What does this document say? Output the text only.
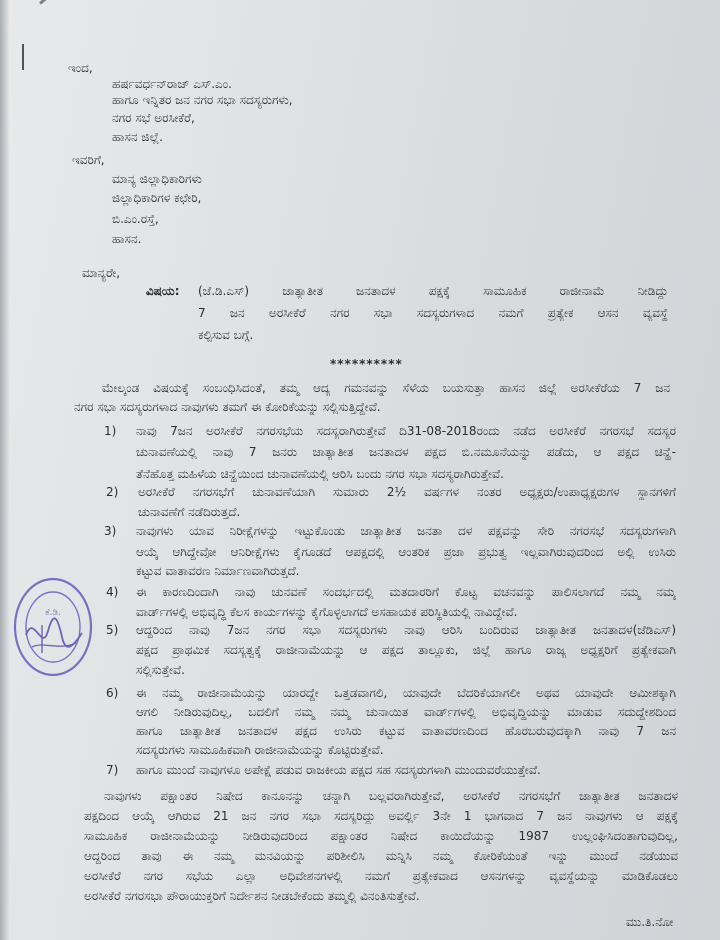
ಇಂದ,
ಹರ್ಷವರ್ಧನ್‌ರಾಜ್ ಎಸ್.ಎಂ.
ಹಾಗೂ ಇನ್ನಿತರ ಜನ ನಗರ ಸಭಾ ಸದಸ್ಯರುಗಳು,
ನಗರ ಸಭೆ ಅರಸೀಕೆರೆ,
ಹಾಸನ ಜಿಲ್ಲೆ.
ಇವರಿಗೆ,
ಮಾನ್ಯ ಜಿಲ್ಲಾಧಿಕಾರಿಗಳು
ಜಿಲ್ಲಾಧಿಕಾರಿಗಳ ಕಛೇರಿ,
ಬಿ.ಎಂ.ರಸ್ತೆ,
ಹಾಸನ.
ಮಾನ್ಯರೇ,
ವಿಷಯ: (ಜೆ.ಡಿ.ಎಸ್) ಜಾತ್ಯಾತೀತ ಜನತಾದಳ ಪಕ್ಷಕ್ಕೆ ಸಾಮೂಹಿಕ ರಾಜೀನಾಮೆ ನೀಡಿದ್ದು
7 ಜನ ಅರಸೀಕೆರೆ ನಗರ ಸಭಾ ಸದಸ್ಯರುಗಳಾದ ನಮಗೆ ಪ್ರತ್ಯೇಕ ಆಸನ ವ್ಯವಸ್ಥೆ
ಕಲ್ಪಿಸುವ ಬಗ್ಗೆ.
**********
ಮೇಲ್ಕಂಡ ವಿಷಯಕ್ಕೆ ಸಂಬಂಧಿಸಿದಂತೆ, ತಮ್ಮ ಆದ್ಯ ಗಮನವನ್ನು ಸೆಳೆಯ ಬಯಸುತ್ತಾ ಹಾಸನ ಜಿಲ್ಲೆ ಅರಸೀಕೆರೆಯ 7 ಜನ
ನಗರ ಸಭಾ ಸದಸ್ಯರುಗಳಾದ ನಾವುಗಳು ತಮಗೆ ಈ ಕೋರಿಕೆಯನ್ನು ಸಲ್ಲಿಸುತ್ತಿದ್ದೇವೆ.
1) ನಾವು 7ಜನ ಅರಸೀಕೆರೆ ನಗರಸಭೆಯ ಸದಸ್ಯರಾಗಿರುತ್ತೇವೆ ದಿ31-08-2018ರಂದು ನಡೆದ ಅರಸೀಕೆರೆ ನಗರಸಭೆ ಸದಸ್ಯರ
ಚುನಾವಣೆಯಲ್ಲಿ ನಾವು 7 ಜನರು ಜಾತ್ಯಾತೀತ ಜನತಾದಳ ಪಕ್ಷದ ಬಿ.ನಮೂನೆಯನ್ನು ಪಡೆದು, ಆ ಪಕ್ಷದ ಚಿನ್ಹೆ-
ತೆನೆಹೊತ್ತ ಮಹಿಳೆಯ ಚಿನ್ಹೆಯಿಂದ ಚುನಾವಣೆಯಲ್ಲಿ ಆರಿಸಿ ಬಂದು ನಗರ ಸಭಾ ಸದಸ್ಯರಾಗಿರುತ್ತೇವೆ.
2) ಅರಸೀಕೆರೆ ನಗರಸಭೆಗೆ ಚುನಾವಣೆಯಾಗಿ ಸುಮಾರು 2½ ವರ್ಷಗಳ ನಂತರ ಅಧ್ಯಕ್ಷರು/ಉಪಾಧ್ಯಕ್ಷರುಗಳ ಸ್ಥಾನಗಳಿಗೆ
ಚುನಾವಣೆಗೆ ನಡೆದಿರುತ್ತದೆ.
3) ನಾವುಗಳು ಯಾವ ನಿರೀಕ್ಷೆಗಳನ್ನು ಇಟ್ಟುಕೊಂಡು ಜಾತ್ಯಾತೀತ ಜನತಾ ದಳ ಪಕ್ಷವನ್ನು ಸೇರಿ ನಗರಸಭೆ ಸದಸ್ಯರುಗಳಾಗಿ
ಆಯ್ಕೆ ಆಗಿದ್ದೇವೋ ಆನಿರೀಕ್ಷೆಗಳು ಕೈಗೂಡದೆ ಆಪಕ್ಷದಲ್ಲಿ ಆಂತರಿಕ ಪ್ರಜಾ ಪ್ರಭುತ್ವ ಇಲ್ಲವಾಗಿರುವುದರಿಂದ ಅಲ್ಲಿ ಉಸಿರು
ಕಟ್ಟುವ ವಾತಾವರಣ ನಿರ್ಮಾಣವಾಗಿರುತ್ತದೆ.
4) ಈ ಕಾರಣದಿಂದಾಗಿ ನಾವು ಚುನವಣೆ ಸಂದರ್ಭದಲ್ಲಿ ಮತದಾರರಿಗೆ ಕೊಟ್ಟ ವಚನವನ್ನು ಪಾಲಿಸಲಾಗದೆ ನಮ್ಮ ನಮ್ಮ
ವಾರ್ಡ್‌ಗಳಲ್ಲಿ ಅಭಿವೃದ್ಧಿ ಕೆಲಸ ಕಾರ್ಯಗಳನ್ನು ಕೈಗೊಳ್ಳಲಾಗದೆ ಅಸಹಾಯಕ ಪರಿಸ್ಥಿತಿಯಲ್ಲಿ ನಾವಿದ್ದೇವೆ.
5) ಆದ್ದರಿಂದ ನಾವು 7ಜನ ನಗರ ಸಭಾ ಸದಸ್ಯರುಗಳು ನಾವು ಆರಿಸಿ ಬಂದಿರುವ ಜಾತ್ಯಾತೀತ ಜನತಾದಳ(ಜೆಡಿಎಸ್)
ಪಕ್ಷದ ಪ್ರಾಥಮಿಕ ಸದಸ್ಯತ್ವಕ್ಕೆ ರಾಜೀನಾಮೆಯನ್ನು ಆ ಪಕ್ಷದ ತಾಲ್ಲೂಕು, ಜಿಲ್ಲೆ ಹಾಗೂ ರಾಜ್ಯ ಅಧ್ಯಕ್ಷರಿಗೆ ಪ್ರತ್ಯೇಕವಾಗಿ
ಸಲ್ಲಿಸುತ್ತೇವೆ.
6) ಈ ನಮ್ಮ ರಾಜೀನಾಮೆಯನ್ನು ಯಾರದ್ದೇ ಒತ್ತಡವಾಗಲಿ, ಯಾವುದೇ ಬೆದರಿಕೆಯಾಗಲೀ ಅಥವ ಯಾವುದೇ ಆಮೀಶಕ್ಕಾಗಿ
ಆಗಲಿ ನೀಡಿರುವುದಿಲ್ಲ, ಬದಲಿಗೆ ನಮ್ಮ ನಮ್ಮ ಚುನಾಯಿತ ವಾರ್ಡ್‌ಗಳಲ್ಲಿ ಅಭಿವೃದ್ಧಿಯನ್ನು ಮಾಡುವ ಸದುದ್ದೇಶದಿಂದ
ಹಾಗೂ ಜಾತ್ಯಾತೀತ ಜನತಾದಳ ಪಕ್ಷದ ಉಸಿರು ಕಟ್ಟುವ ವಾತಾವರಣದಿಂದ ಹೊರಬರುವುದಕ್ಕಾಗಿ ನಾವು 7 ಜನ
ಸದಸ್ಯರುಗಳು ಸಾಮೂಹಿಕವಾಗಿ ರಾಜೀನಾಮೆಯನ್ನು ಕೊಟ್ಟಿರುತ್ತೇವೆ.
7) ಹಾಗೂ ಮುಂದೆ ನಾವುಗಳೂ ಅಪೇಕ್ಷೆ ಪಡುವ ರಾಜಕೀಯ ಪಕ್ಷದ ಸಹ ಸದಸ್ಯರುಗಳಾಗಿ ಮುಂದುವರೆಯುತ್ತೇವೆ.
ನಾವುಗಳು ಪಕ್ಷಾಂತರ ನಿಷೇದ ಕಾನೂನನ್ನು ಚನ್ನಾಗಿ ಬಲ್ಲವರಾಗಿರುತ್ತೇವೆ, ಅರಸೀಕೆರೆ ನಗರಸಭೆಗೆ ಜಾತ್ಯಾತೀತ ಜನತಾದಳ
ಪಕ್ಷದಿಂದ ಆಯ್ಕೆ ಆಗಿರುವ 21 ಜನ ನಗರ ಸಭಾ ಸದಸ್ಯರಿದ್ದು ಅವರ್ಲ್ಲಿ 3ನೇ 1 ಭಾಗವಾದ 7 ಜನ ನಾವುಗಳು ಆ ಪಕ್ಷಕ್ಕೆ
ಸಾಮೂಹಿಕ ರಾಜೀನಾಮೆಯನ್ನು ನೀಡಿರುವುದರಿಂದ ಪಕ್ಷಾಂತರ ನಿಷೇದ ಕಾಯಿದೆಯನ್ನು 1987 ಉಲ್ಲಂಘಿಸಿದಂತಾಗುವುದಿಲ್ಲ,
ಆದ್ದರಿಂದ ತಾವು ಈ ನಮ್ಮ ಮನವಿಯನ್ನು ಪರಿಶೀಲಿಸಿ ಮನ್ನಿಸಿ ನಮ್ಮ ಕೋರಿಕೆಯಂತೆ ಇನ್ನು ಮುಂದೆ ನಡೆಯುವ
ಅರಸೀಕೆರೆ ನಗರ ಸಭೆಯ ಎಲ್ಲಾ ಅಧಿವೇಶನಗಳಲ್ಲಿ ನಮಗೆ ಪ್ರತ್ಯೇಕವಾದ ಆಸನಗಳನ್ನು ವ್ಯವಸ್ಥೆಯನ್ನು ಮಾಡಿಕೊಡಲು
ಅರಸೀಕೆರೆ ನಗರಸಭಾ ಪೌರಾಯುಕ್ತರಿಗೆ ನಿರ್ದೇಶನ ನೀಡಬೇಕೆಂದು ತಮ್ಮಲ್ಲಿ ವಿನಂತಿಸುತ್ತೇವೆ.
ಮು.ತಿ.ನೋ
ಕೆ.ಡಿ.
